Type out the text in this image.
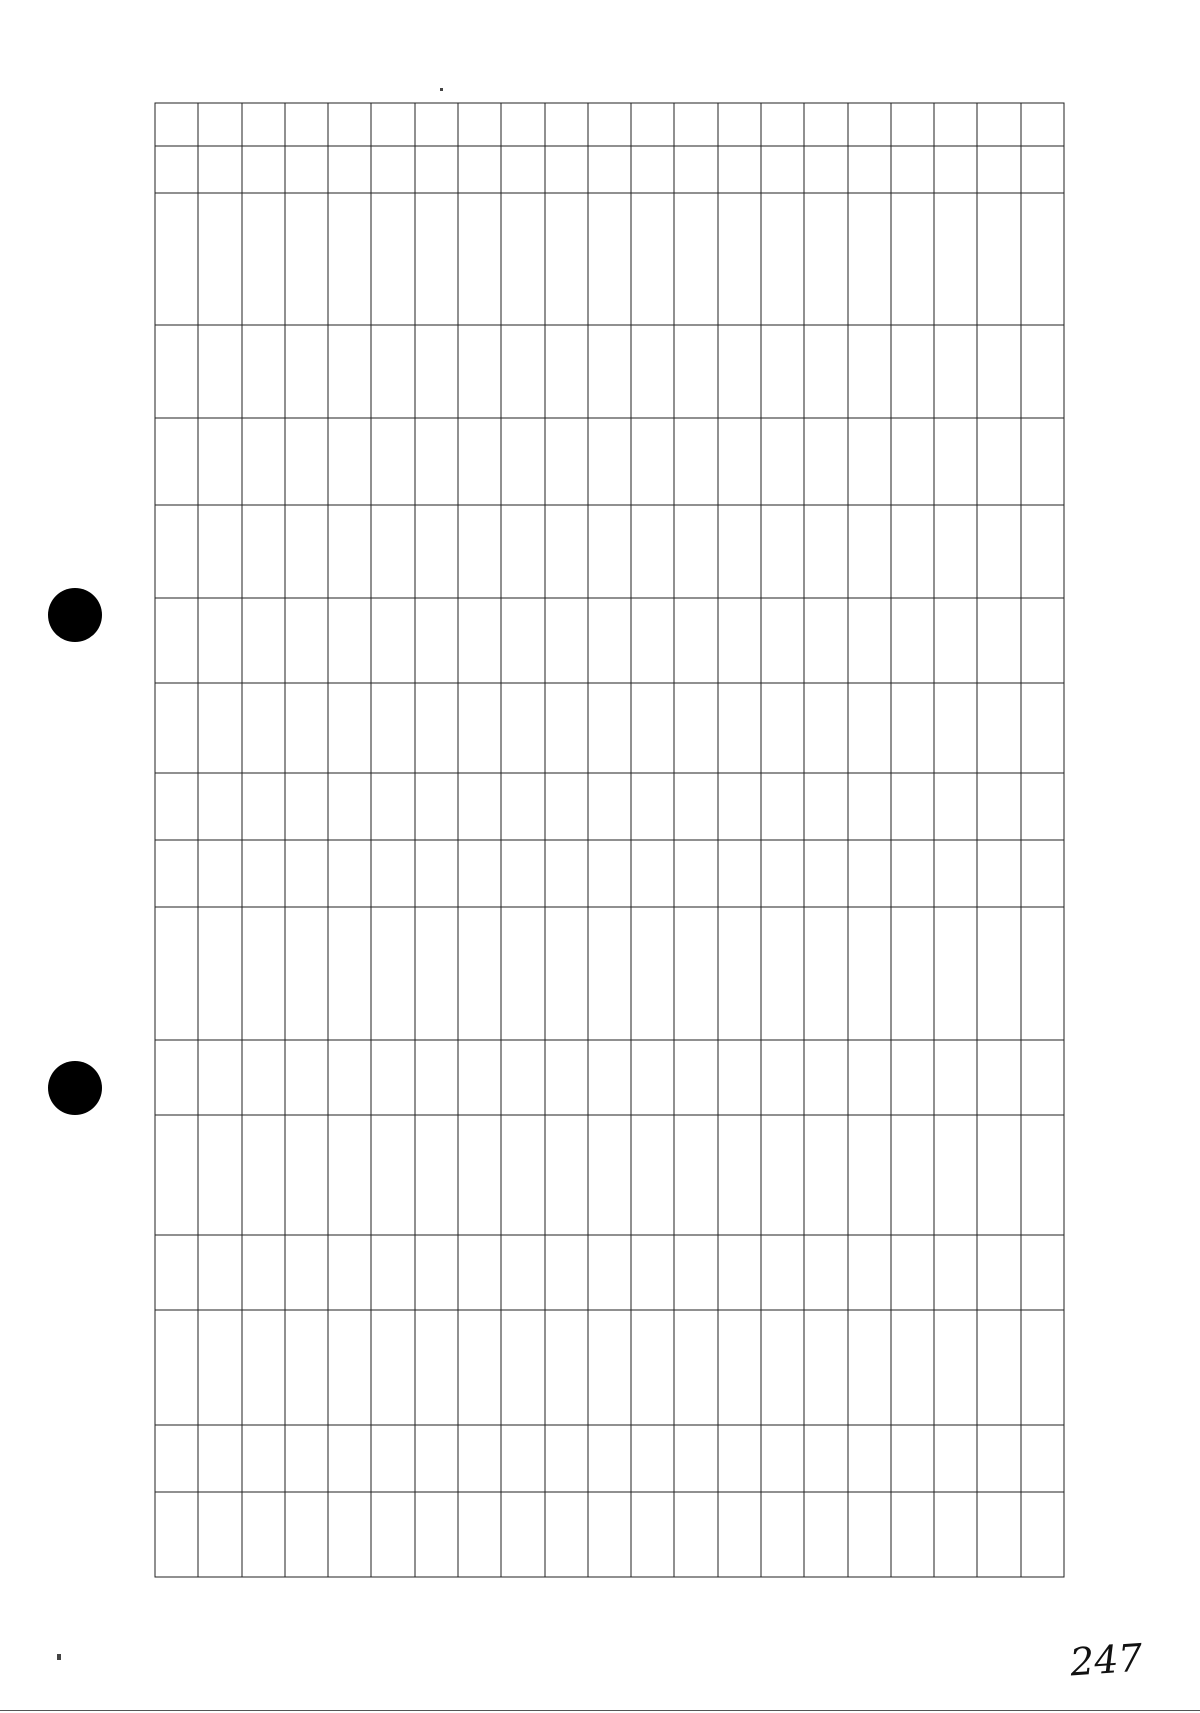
247
